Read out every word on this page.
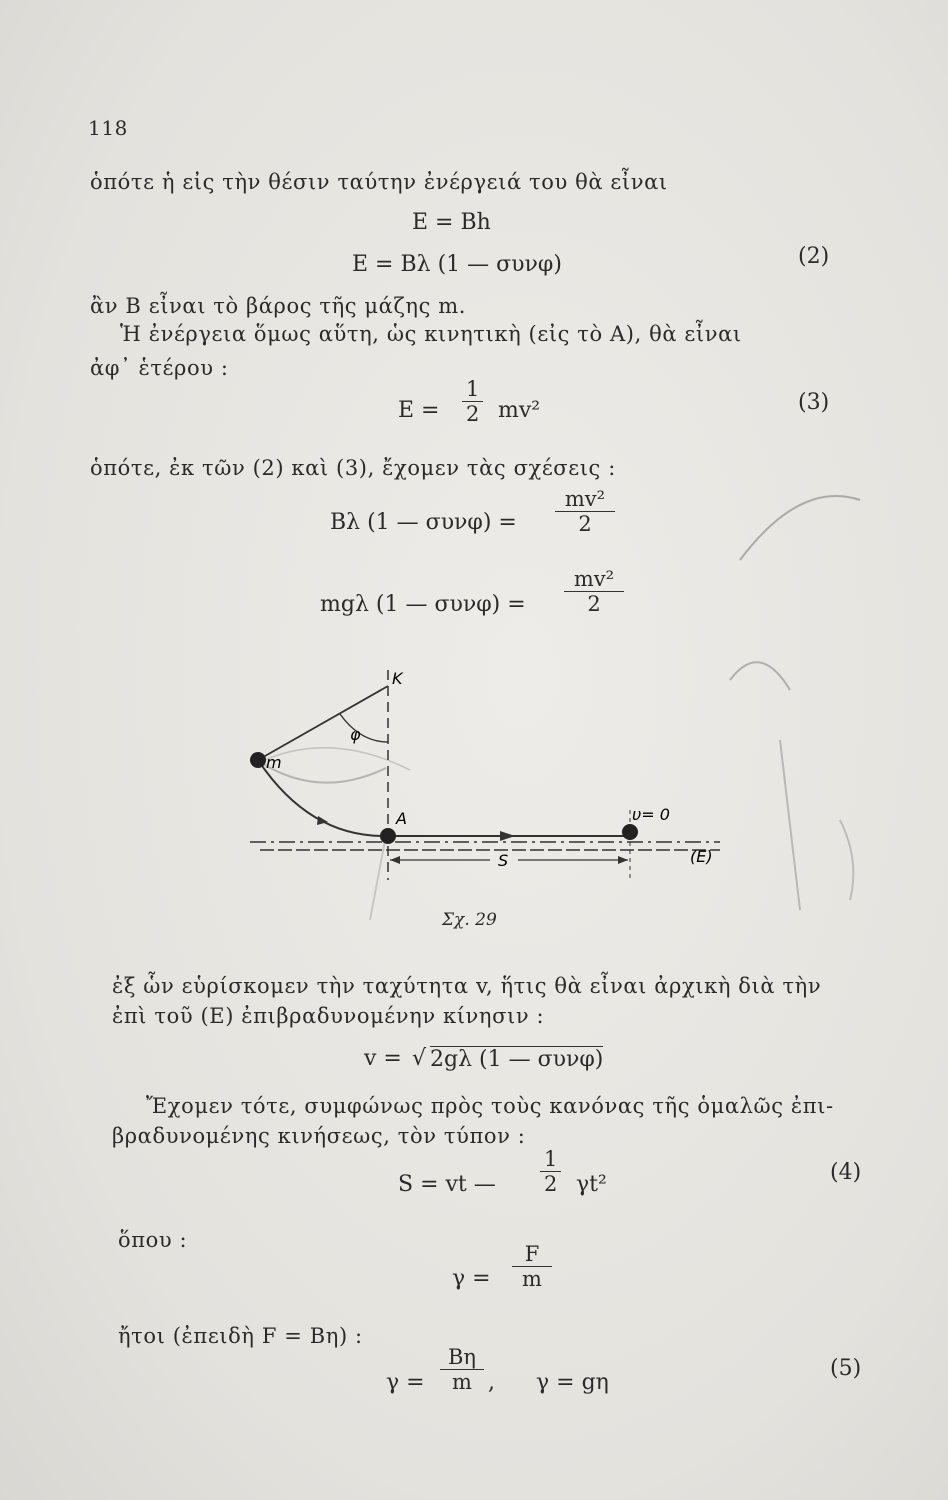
118
ὁπότε ἡ εἰς τὴν θέσιν ταύτην ἐνέργειά του θὰ εἶναι
E = Bh
E = Bλ (1 — συνφ)	(2)
ἂν B εἶναι τὸ βάρος τῆς μάζης m.
Ἡ ἐνέργεια ὅμως αὕτη, ὡς κινητικὴ (εἰς τὸ A), θὰ εἶναι
ἀφ᾽ ἑτέρου :
E =
1
2 mv²	(3)
ὁπότε, ἐκ τῶν (2) καὶ (3), ἔχομεν τὰς σχέσεις :
Bλ (1 — συνφ) =
mv²
2
mgλ (1 — συνφ) =
mv²
2
K
φ
m
A
S
υ= 0
(E)
Σχ. 29
ἐξ ὧν εὑρίσκομεν τὴν ταχύτητα v, ἥτις θὰ εἶναι ἀρχικὴ διὰ τὴν
ἐπὶ τοῦ (E) ἐπιβραδυνομένην κίνησιν :
v = √ 2gλ (1 — συνφ)
Ἔχομεν τότε, συμφώνως πρὸς τοὺς κανόνας τῆς ὁμαλῶς ἐπι-
βραδυνομένης κινήσεως, τὸν τύπον :
S = vt —
1
2 γt²	(4)
ὅπου :
γ =
F
m
ἤτοι (ἐπειδὴ F = Bη) :
γ =
Bη
m , γ = gη
(5)
